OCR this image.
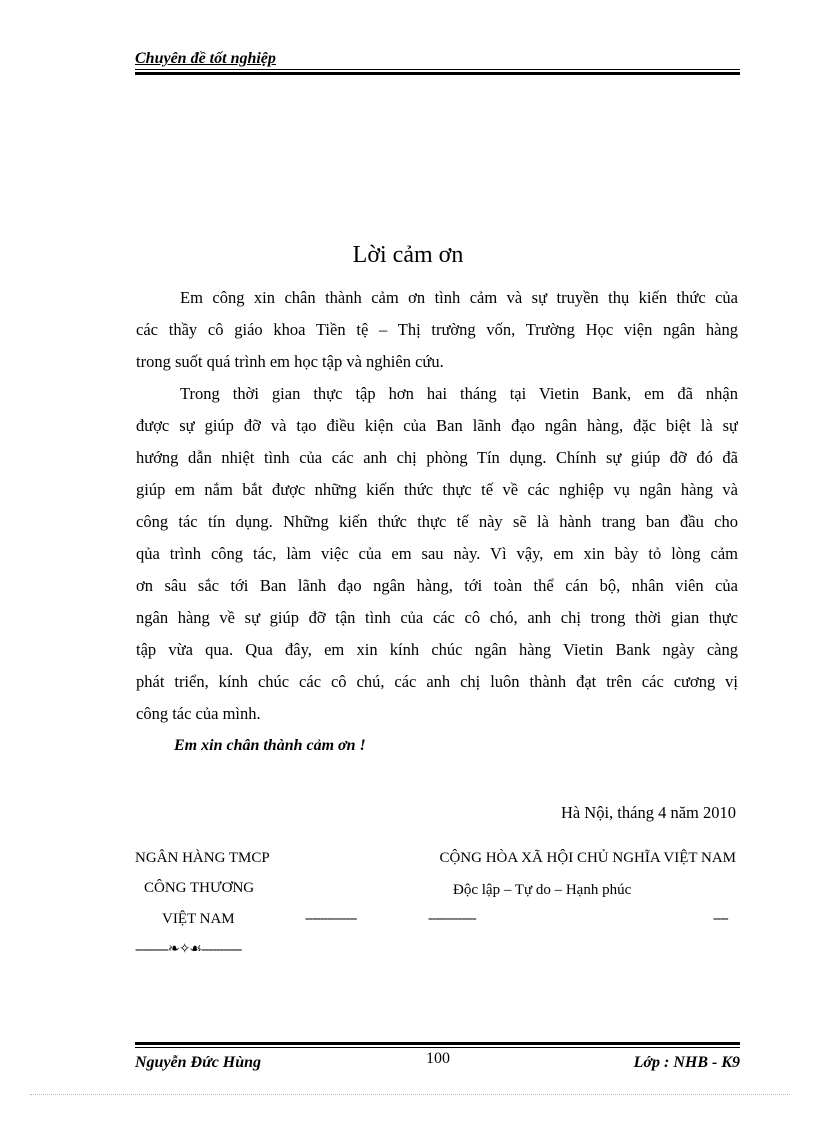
Chuyên đề tốt nghiệp
Lời cảm ơn
Em công xin chân thành cảm ơn tình cảm và sự truyền thụ kiến thức của
các thầy cô giáo khoa Tiền tệ – Thị trường vốn, Trường Học viện ngân hàng
trong suốt quá trình em học tập và nghiên cứu.
Trong thời gian thực tập hơn hai tháng tại Vietin Bank, em đã nhận
được sự giúp đỡ và tạo điều kiện của Ban lãnh đạo ngân hàng, đặc biệt là sự
hướng dẫn nhiệt tình của các anh chị phòng Tín dụng. Chính sự giúp đỡ đó đã
giúp em nắm bắt được những kiến thức thực tế về các nghiệp vụ ngân hàng và
công tác tín dụng. Những kiến thức thực tế này sẽ là hành trang ban đầu cho
qủa trình công tác, làm việc của em sau này. Vì vậy, em xin bày tỏ lòng cảm
ơn sâu sắc tới Ban lãnh đạo ngân hàng, tới toàn thể cán bộ, nhân viên của
ngân hàng về sự giúp đỡ tận tình của các cô chó, anh chị trong thời gian thực
tập vừa qua. Qua đây, em xin kính chúc ngân hàng Vietin Bank ngày càng
phát triển, kính chúc các cô chú, các anh chị luôn thành đạt trên các cương vị
công tác của mình.
Em xin chân thành cảm ơn !
Hà Nội, tháng 4 năm 2010
NGÂN HÀNG TMCP
CÔNG THƯƠNG
VIỆT NAM
---------❧✧☙-----------
CỘNG HÒA XÃ HỘI CHỦ NGHĨA VIỆT NAM
Độc lập – Tự do – Hạnh phúc
--------------	-------------	----
Nguyễn Đức Hùng	100	Lớp : NHB - K9
